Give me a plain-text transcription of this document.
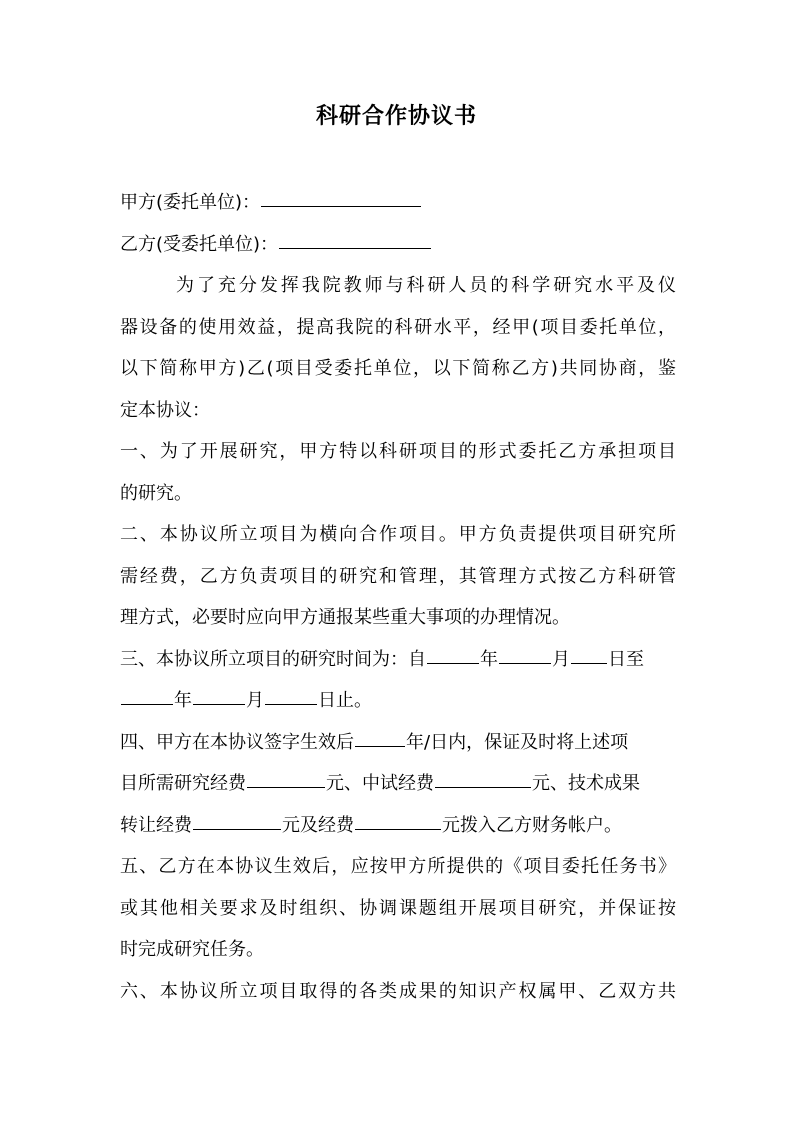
科研合作协议书
甲方(委托单位)：
乙方(受委托单位)：
为了充分发挥我院教师与科研人员的科学研究水平及仪
器设备的使用效益，提高我院的科研水平，经甲(项目委托单位，
以下简称甲方)乙(项目受委托单位，以下简称乙方)共同协商，鉴
定本协议：
一、为了开展研究，甲方特以科研项目的形式委托乙方承担项目
的研究。
二、本协议所立项目为横向合作项目。甲方负责提供项目研究所
需经费，乙方负责项目的研究和管理，其管理方式按乙方科研管
理方式，必要时应向甲方通报某些重大事项的办理情况。
三、本协议所立项目的研究时间为：自	年	月 日至
年	月	日止。
四、甲方在本协议签字生效后	年/日内，保证及时将上述项
目所需研究经费	元、中试经费	元、技术成果
转让经费	元及经费	元拨入乙方财务帐户。
五、乙方在本协议生效后，应按甲方所提供的《项目委托任务书》
或其他相关要求及时组织、协调课题组开展项目研究，并保证按
时完成研究任务。
六、本协议所立项目取得的各类成果的知识产权属甲、乙双方共
